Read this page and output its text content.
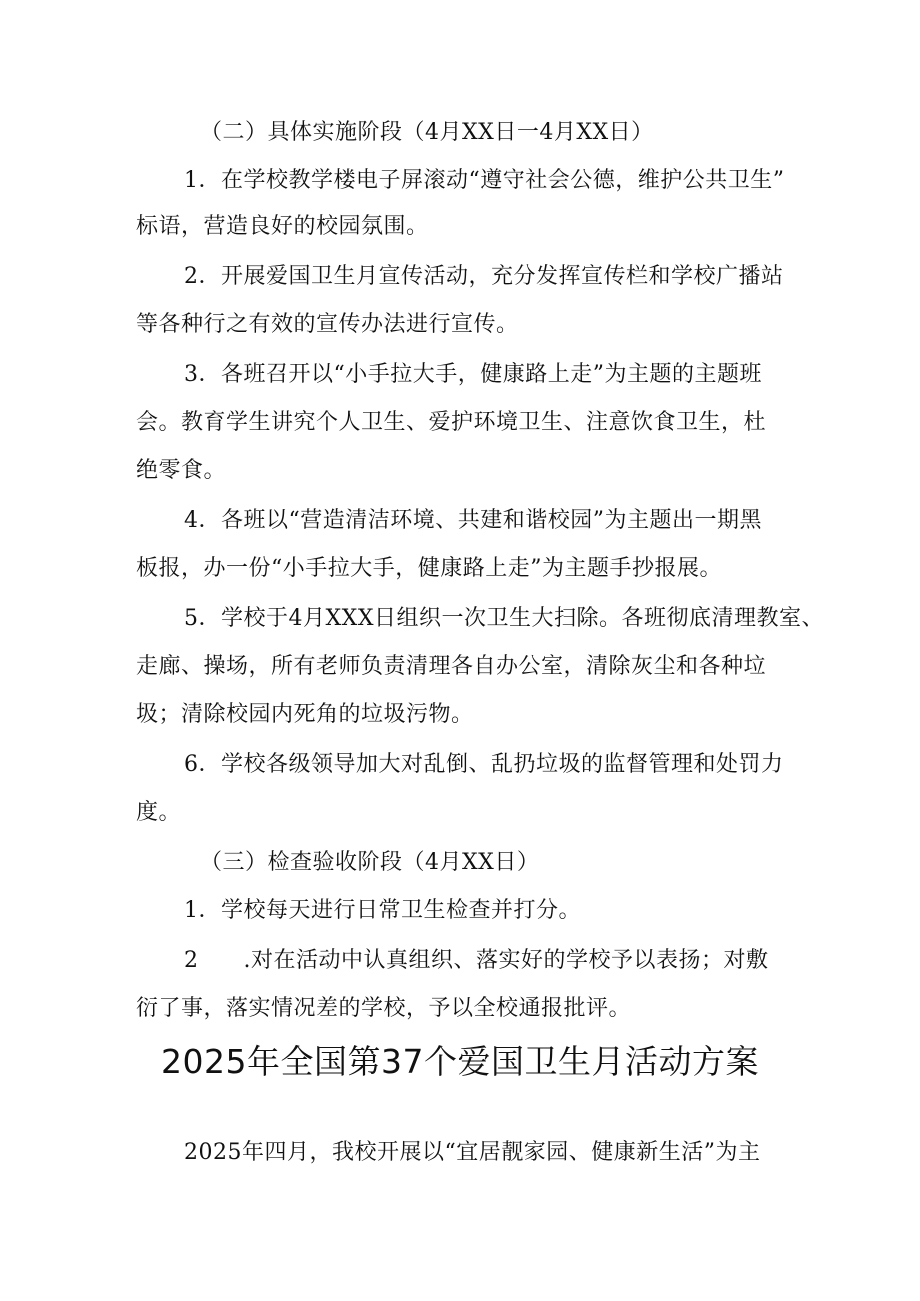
（二）具体实施阶段（4月XX日一4月XX日）
1．在学校教学楼电子屏滚动“遵守社会公德，维护公共卫生”
标语，营造良好的校园氛围。
2．开展爱国卫生月宣传活动，充分发挥宣传栏和学校广播站
等各种行之有效的宣传办法进行宣传。
3．各班召开以“小手拉大手，健康路上走”为主题的主题班
会。教育学生讲究个人卫生、爱护环境卫生、注意饮食卫生，杜
绝零食。
4．各班以“营造清洁环境、共建和谐校园”为主题出一期黑
板报，办一份“小手拉大手，健康路上走”为主题手抄报展。
5．学校于4月XXX日组织一次卫生大扫除。各班彻底清理教室、
走廊、操场，所有老师负责清理各自办公室，清除灰尘和各种垃
圾；清除校园内死角的垃圾污物。
6．学校各级领导加大对乱倒、乱扔垃圾的监督管理和处罚力
度。
（三）检查验收阶段（4月XX日）
1．学校每天进行日常卫生检查并打分。
2　　.对在活动中认真组织、落实好的学校予以表扬；对敷
衍了事，落实情况差的学校，予以全校通报批评。
2025年全国第37个爱国卫生月活动方案
2025年四月，我校开展以“宜居靓家园、健康新生活”为主
